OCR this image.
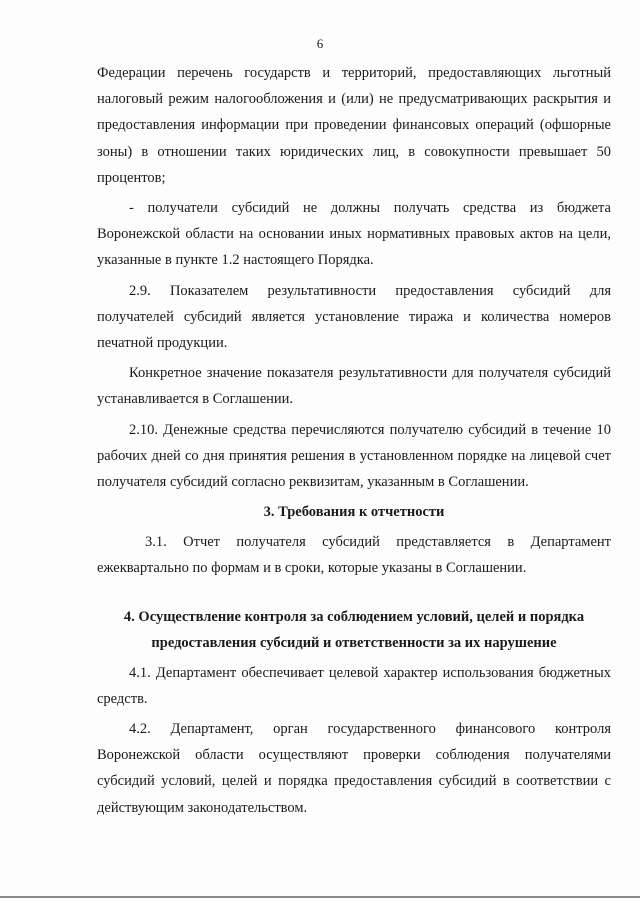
6

Федерации перечень государств и территорий, предоставляющих льготный налоговый режим налогообложения и (или) не предусматривающих раскрытия и предоставления информации при проведении финансовых операций (офшорные зоны) в отношении таких юридических лиц, в совокупности превышает 50 процентов;

- получатели субсидий не должны получать средства из бюджета Воронежской области на основании иных нормативных правовых актов на цели, указанные в пункте 1.2 настоящего Порядка.

2.9. Показателем результативности предоставления субсидий для получателей субсидий является установление тиража и количества номеров печатной продукции.

Конкретное значение показателя результативности для получателя субсидий устанавливается в Соглашении.

2.10. Денежные средства перечисляются получателю субсидий в течение 10 рабочих дней со дня принятия решения в установленном порядке на лицевой счет получателя субсидий согласно реквизитам, указанным в Соглашении.

3. Требования к отчетности

3.1. Отчет получателя субсидий представляется в Департамент ежеквартально по формам и в сроки, которые указаны в Соглашении.

4. Осуществление контроля за соблюдением условий, целей и порядка предоставления субсидий и ответственности за их нарушение

4.1. Департамент обеспечивает целевой характер использования бюджетных средств.

4.2. Департамент, орган государственного финансового контроля Воронежской области осуществляют проверки соблюдения получателями субсидий условий, целей и порядка предоставления субсидий в соответствии с действующим законодательством.
